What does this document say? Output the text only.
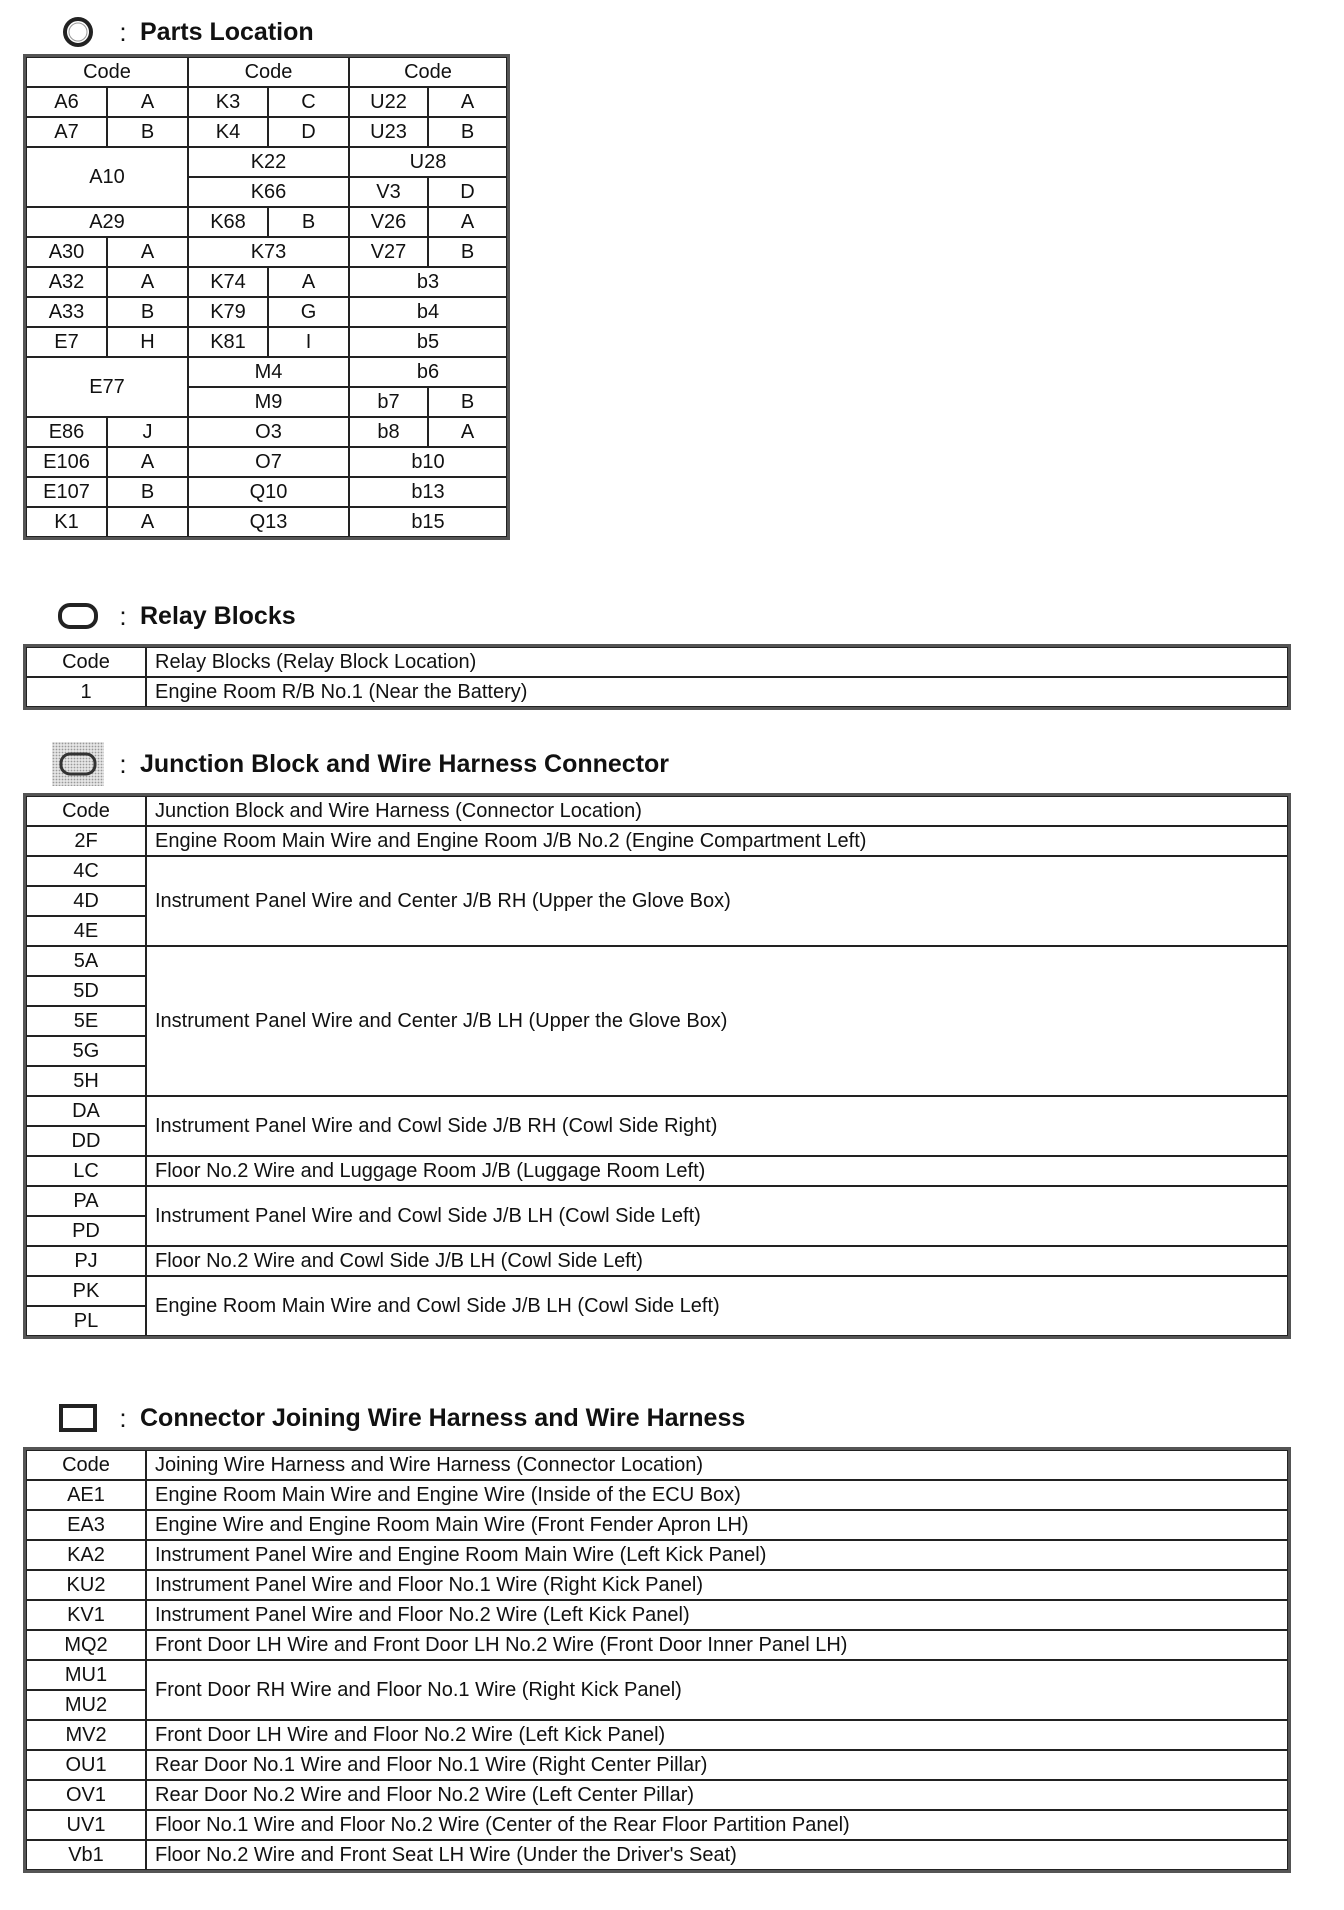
: Parts Location
Code		Code		Code	
A6	A	K3	C	U22	A
A7	B	K4	D	U23	B
A10		K22		U28	
		K66		V3	D
A29		K68	B	V26	A
A30	A	K73		V27	B
A32	A	K74	A	b3	
A33	B	K79	G	b4	
E7	H	K81	I	b5	
E77		M4		b6	
		M9		b7	B
E86	J	O3		b8	A
E106	A	O7		b10	
E107	B	Q10		b13	
K1	A	Q13		b15	
: Relay Blocks
Code	Relay Blocks (Relay Block Location)
1	Engine Room R/B No.1 (Near the Battery)
: Junction Block and Wire Harness Connector
Code	Junction Block and Wire Harness (Connector Location)
2F	Engine Room Main Wire and Engine Room J/B No.2 (Engine Compartment Left)
4C	Instrument Panel Wire and Center J/B RH (Upper the Glove Box)
4D	
4E	
5A	Instrument Panel Wire and Center J/B LH (Upper the Glove Box)
5D	
5E	
5G	
5H	
DA	Instrument Panel Wire and Cowl Side J/B RH (Cowl Side Right)
DD	
LC	Floor No.2 Wire and Luggage Room J/B (Luggage Room Left)
PA	Instrument Panel Wire and Cowl Side J/B LH (Cowl Side Left)
PD	
PJ	Floor No.2 Wire and Cowl Side J/B LH (Cowl Side Left)
PK	Engine Room Main Wire and Cowl Side J/B LH (Cowl Side Left)
PL	
: Connector Joining Wire Harness and Wire Harness
Code	Joining Wire Harness and Wire Harness (Connector Location)
AE1	Engine Room Main Wire and Engine Wire (Inside of the ECU Box)
EA3	Engine Wire and Engine Room Main Wire (Front Fender Apron LH)
KA2	Instrument Panel Wire and Engine Room Main Wire (Left Kick Panel)
KU2	Instrument Panel Wire and Floor No.1 Wire (Right Kick Panel)
KV1	Instrument Panel Wire and Floor No.2 Wire (Left Kick Panel)
MQ2	Front Door LH Wire and Front Door LH No.2 Wire (Front Door Inner Panel LH)
MU1	Front Door RH Wire and Floor No.1 Wire (Right Kick Panel)
MU2	
MV2	Front Door LH Wire and Floor No.2 Wire (Left Kick Panel)
OU1	Rear Door No.1 Wire and Floor No.1 Wire (Right Center Pillar)
OV1	Rear Door No.2 Wire and Floor No.2 Wire (Left Center Pillar)
UV1	Floor No.1 Wire and Floor No.2 Wire (Center of the Rear Floor Partition Panel)
Vb1	Floor No.2 Wire and Front Seat LH Wire (Under the Driver's Seat)
